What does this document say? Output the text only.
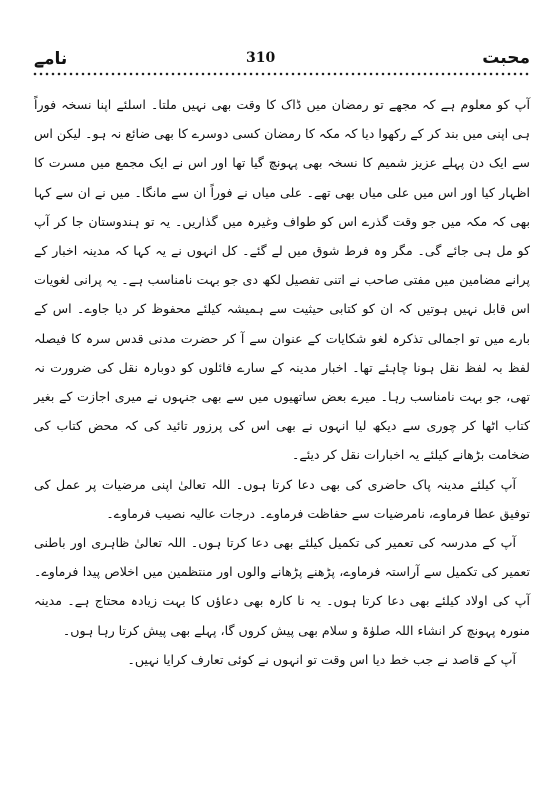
نامے	310	محبت

آپ کو معلوم ہے کہ مجھے تو رمضان میں ڈاک کا وقت بھی نہیں ملتا۔ اسلئے اپنا نسخہ فوراً ہی اپنی میں بند کر کے رکھوا دیا کہ مکہ کا رمضان کسی دوسرے کا بھی ضائع نہ ہو۔ لیکن اس سے ایک دن پہلے عزیز شمیم کا نسخہ بھی پہونچ گیا تھا اور اس نے ایک مجمع میں مسرت کا اظہار کیا اور اس میں علی میاں بھی تھے۔ علی میاں نے فوراً ان سے مانگا۔ میں نے ان سے کہا بھی کہ مکہ میں جو وقت گذرے اس کو طواف وغیرہ میں گذاریں۔ یہ تو ہندوستان جا کر آپ کو مل ہی جائے گی۔ مگر وہ فرط شوق میں لے گئے۔ کل انہوں نے یہ کہا کہ مدینہ اخبار کے پرانے مضامین میں مفتی صاحب نے اتنی تفصیل لکھ دی جو بہت نامناسب ہے۔ یہ پرانی لغویات اس قابل نہیں ہوتیں کہ ان کو کتابی حیثیت سے ہمیشہ کیلئے محفوظ کر دیا جاوے۔ اس کے بارے میں تو اجمالی تذکرہ لغو شکایات کے عنوان سے آ کر حضرت مدنی قدس سرہ کا فیصلہ لفظ بہ لفظ نقل ہونا چاہئے تھا۔ اخبار مدینہ کے سارے فائلوں کو دوبارہ نقل کی ضرورت نہ تھی، جو بہت نامناسب رہا۔ میرے بعض ساتھیوں میں سے بھی جنہوں نے میری اجازت کے بغیر کتاب اٹھا کر چوری سے دیکھ لیا انہوں نے بھی اس کی پرزور تائید کی کہ محض کتاب کی ضخامت بڑھانے کیلئے یہ اخبارات نقل کر دیئے۔

آپ کیلئے مدینہ پاک حاضری کی بھی دعا کرتا ہوں۔ اللہ تعالیٰ اپنی مرضیات پر عمل کی توفیق عطا فرماوے، نامرضیات سے حفاظت فرماوے۔ درجات عالیہ نصیب فرماوے۔

آپ کے مدرسہ کی تعمیر کی تکمیل کیلئے بھی دعا کرتا ہوں۔ اللہ تعالیٰ ظاہری اور باطنی تعمیر کی تکمیل سے آراستہ فرماوے، پڑھنے پڑھانے والوں اور منتظمین میں اخلاص پیدا فرماوے۔ آپ کی اولاد کیلئے بھی دعا کرتا ہوں۔ یہ نا کارہ بھی دعاؤں کا بہت زیادہ محتاج ہے۔ مدینہ منورہ پہونچ کر انشاء اللہ صلوٰۃ و سلام بھی پیش کروں گا، پہلے بھی پیش کرتا رہا ہوں۔

آپ کے قاصد نے جب خط دیا اس وقت تو انہوں نے کوئی تعارف کرایا نہیں۔
